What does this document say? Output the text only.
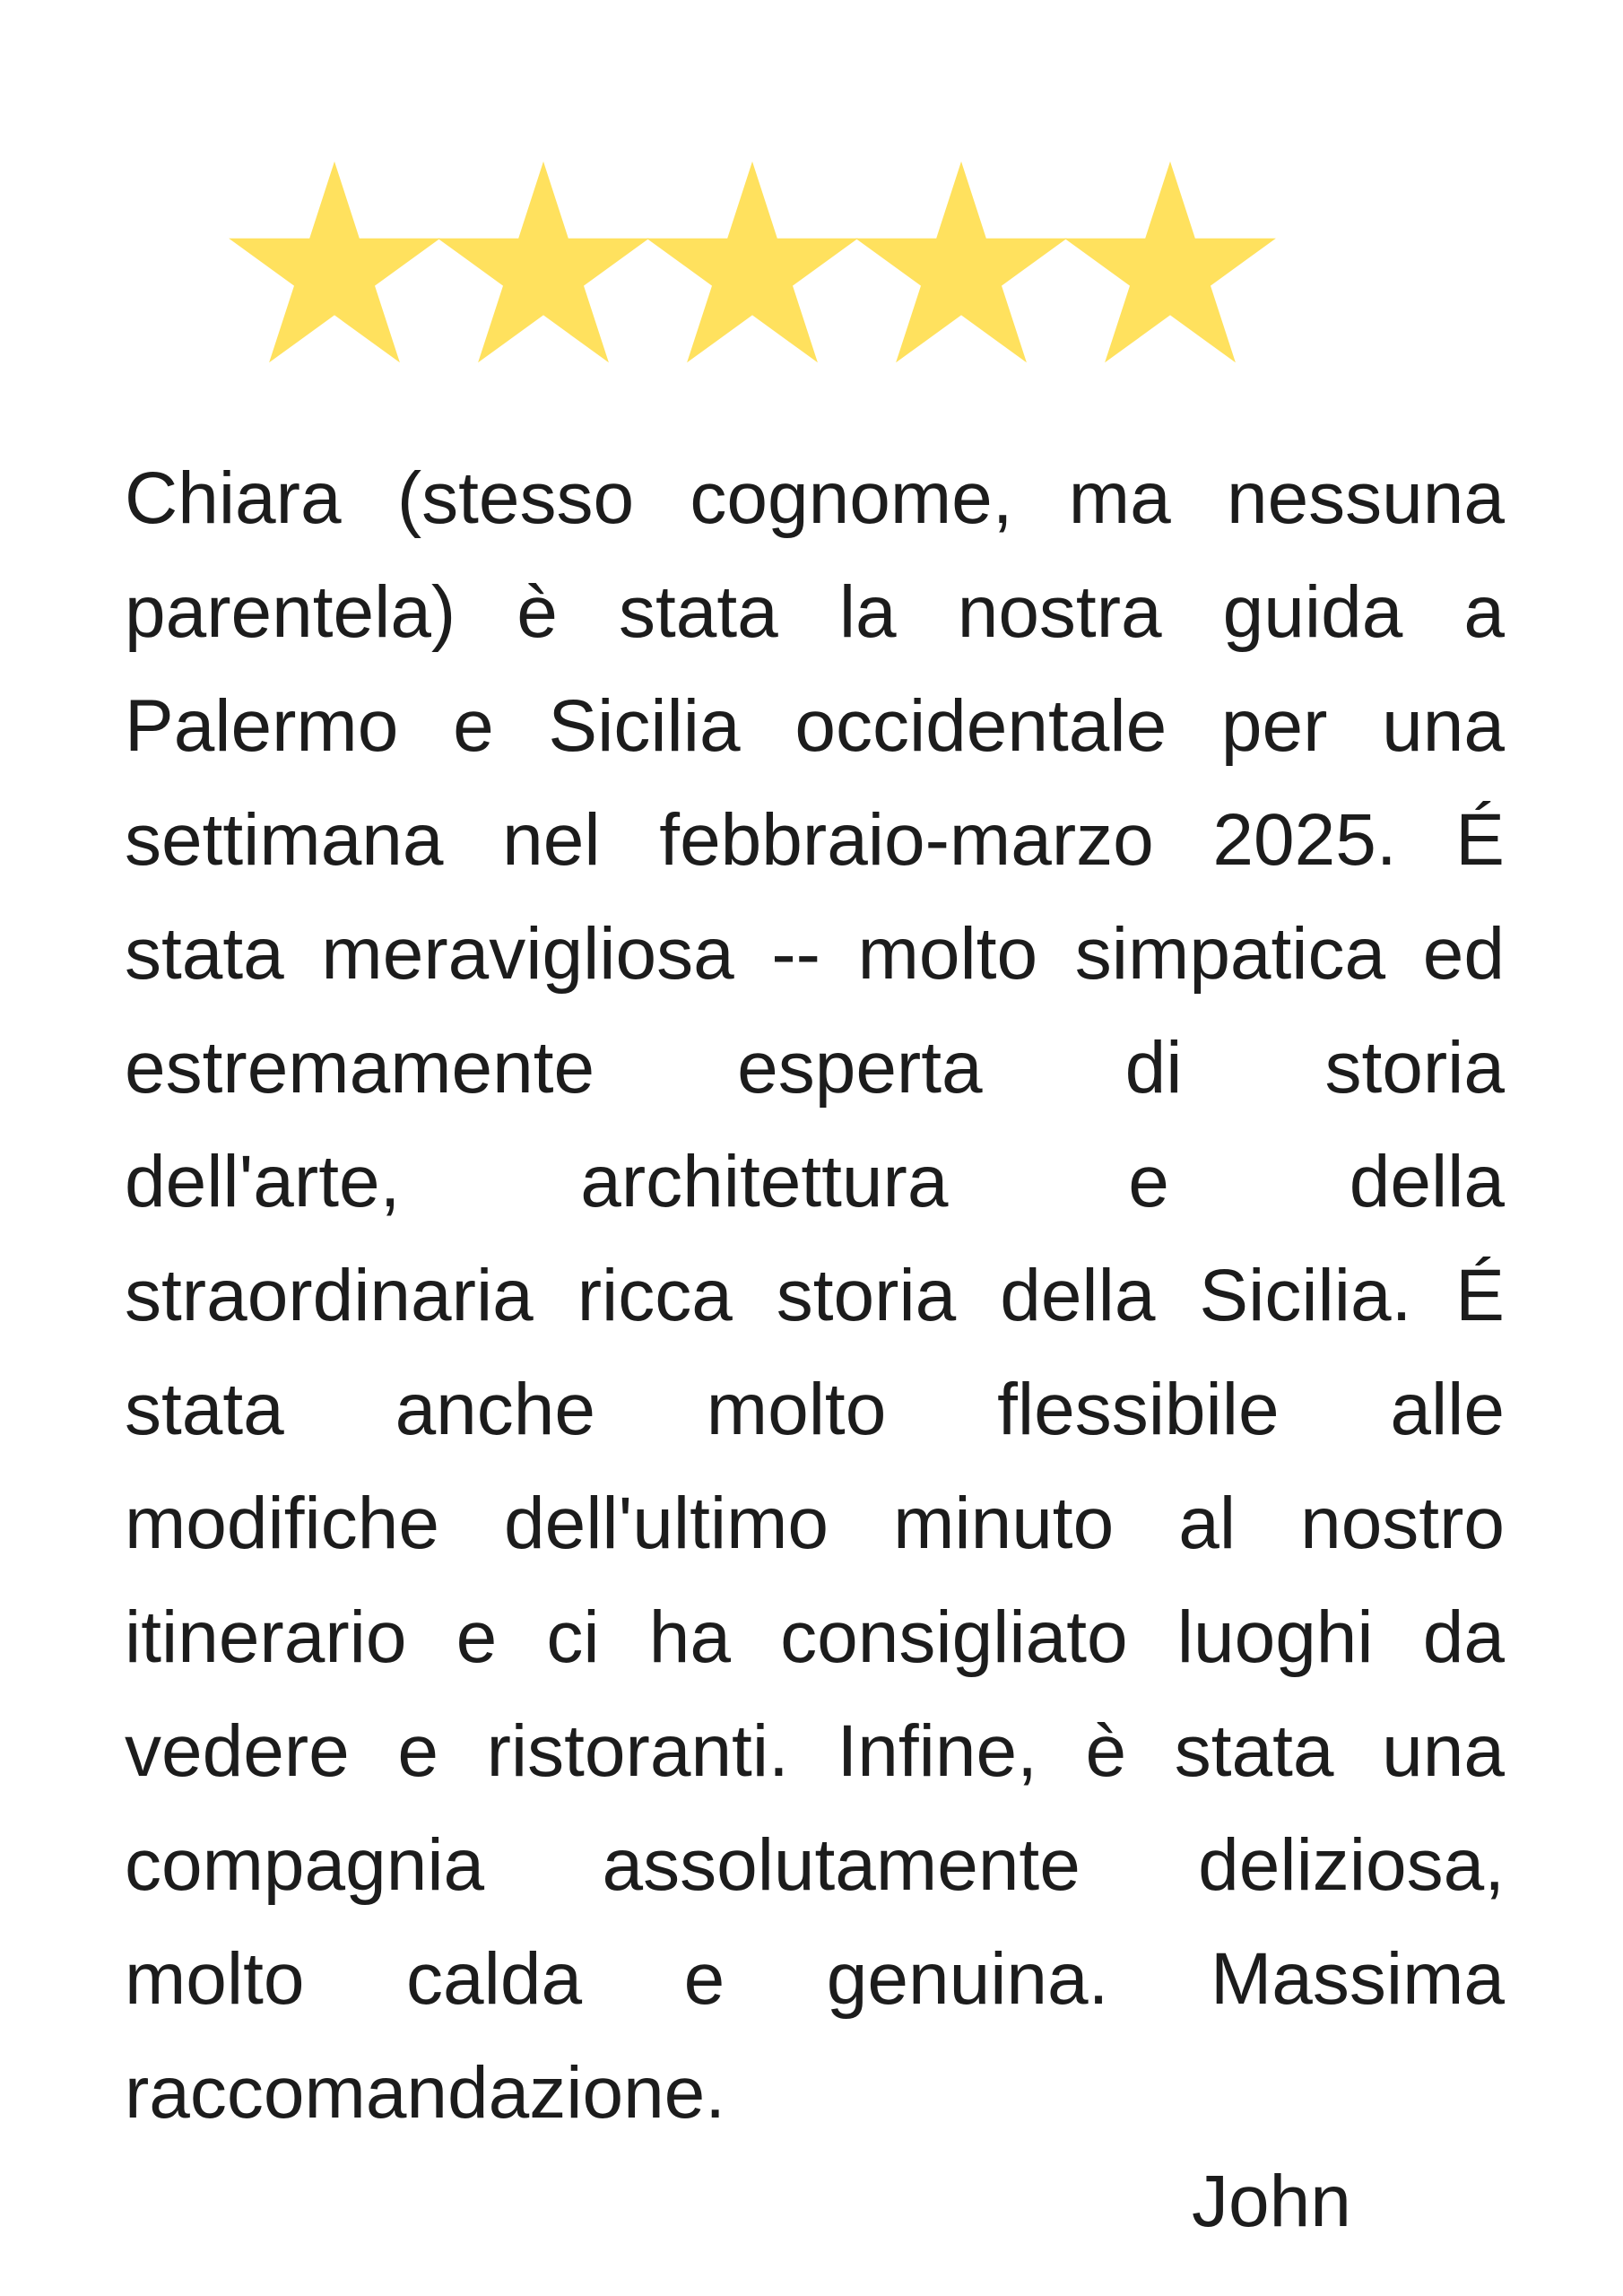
Chiara (stesso cognome, ma nessuna
parentela) è stata la nostra guida a
Palermo e Sicilia occidentale per una
settimana nel febbraio-marzo 2025. É
stata meravigliosa -- molto simpatica ed
estremamente esperta di storia
dell'arte, architettura e della
straordinaria ricca storia della Sicilia. É
stata anche molto flessibile alle
modifiche dell'ultimo minuto al nostro
itinerario e ci ha consigliato luoghi da
vedere e ristoranti. Infine, è stata una
compagnia assolutamente deliziosa,
molto calda e genuina. Massima
raccomandazione.
John
